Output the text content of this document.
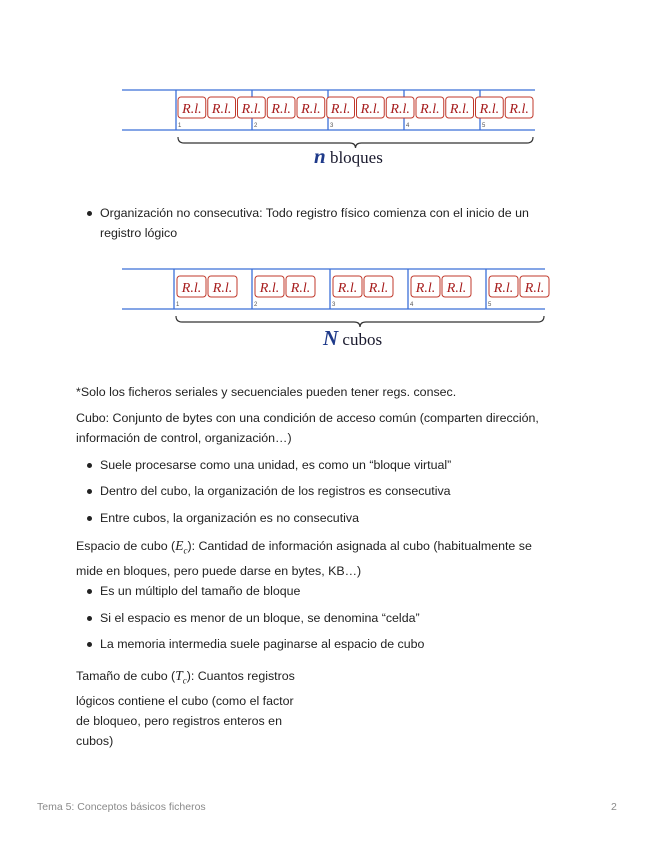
1	2	3	4	5
R.l. R.l. R.l. R.l. R.l. R.l. R.l. R.l. R.l. R.l. R.l. R.l.
n bloques
Organización no consecutiva: Todo registro físico comienza con el inicio de un registro lógico
1
R.l. R.l.
2
R.l. R.l.
3
R.l. R.l.
4
R.l. R.l.
5
R.l. R.l.
N cubos
*Solo los ficheros seriales y secuenciales pueden tener regs. consec.
Cubo: Conjunto de bytes con una condición de acceso común (comparten dirección, información de control, organización…)
Suele procesarse como una unidad, es como un “bloque virtual”
Dentro del cubo, la organización de los registros es consecutiva
Entre cubos, la organización es no consecutiva
Espacio de cubo $(E_c)$: Cantidad de información asignada al cubo (habitualmente se
mide en bloques, pero puede darse en bytes, KB…)
Es un múltiplo del tamaño de bloque
Si el espacio es menor de un bloque, se denomina “celda”
La memoria intermedia suele paginarse al espacio de cubo
Tamaño de cubo $(T_c)$: Cuantos registros
lógicos contiene el cubo (como el factor
de bloqueo, pero registros enteros en
cubos)
Tema 5: Conceptos básicos ficheros	2
